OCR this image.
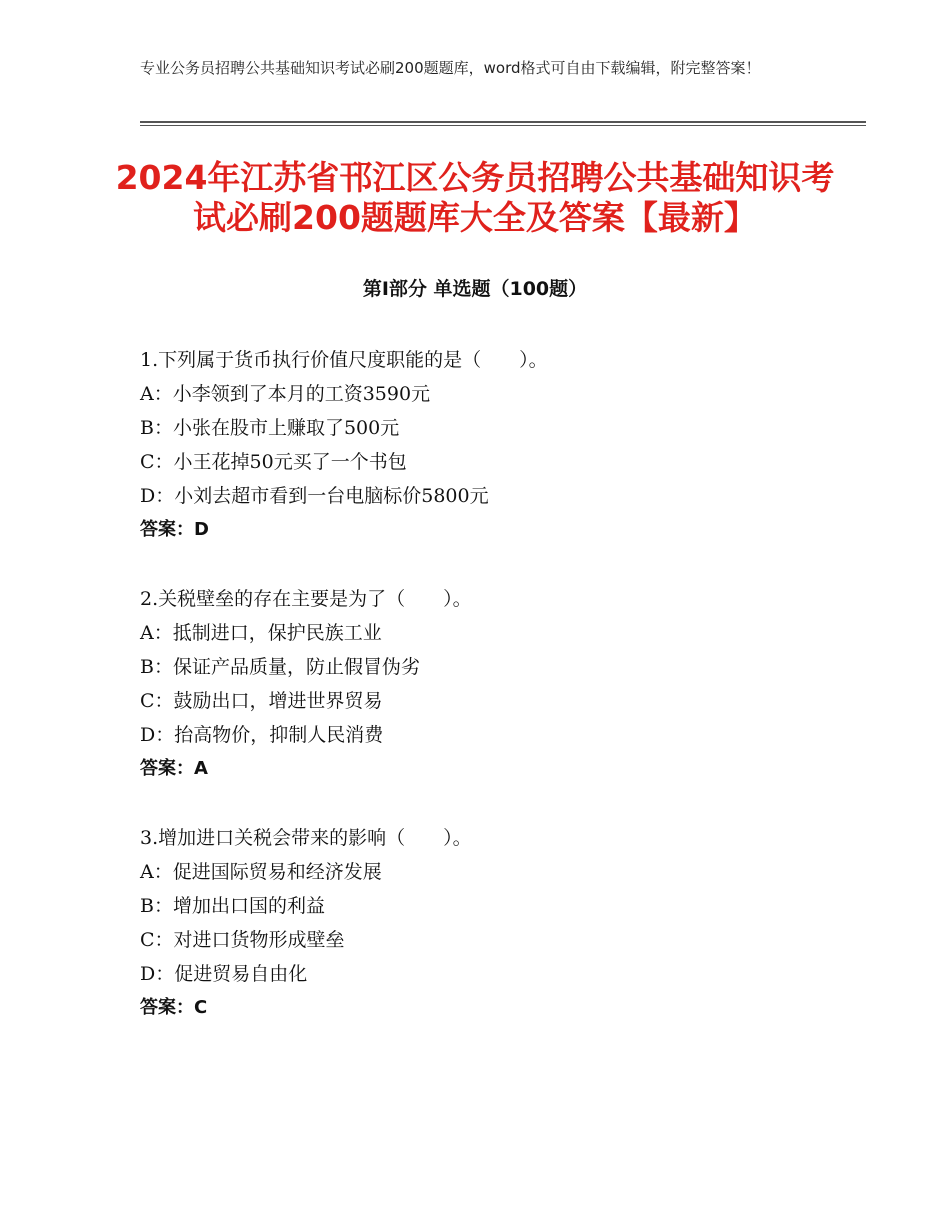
专业公务员招聘公共基础知识考试必刷200题题库，word格式可自由下载编辑，附完整答案！
2024年江苏省邗江区公务员招聘公共基础知识考试必刷200题题库大全及答案【最新】
第Ⅰ部分 单选题（100题）
1.下列属于货币执行价值尺度职能的是（　　）。
A：小李领到了本月的工资3590元
B：小张在股市上赚取了500元
C：小王花掉50元买了一个书包
D：小刘去超市看到一台电脑标价5800元
答案：D
2.关税壁垒的存在主要是为了（　　）。
A：抵制进口，保护民族工业
B：保证产品质量，防止假冒伪劣
C：鼓励出口，增进世界贸易
D：抬高物价，抑制人民消费
答案：A
3.增加进口关税会带来的影响（　　）。
A：促进国际贸易和经济发展
B：增加出口国的利益
C：对进口货物形成壁垒
D：促进贸易自由化
答案：C
